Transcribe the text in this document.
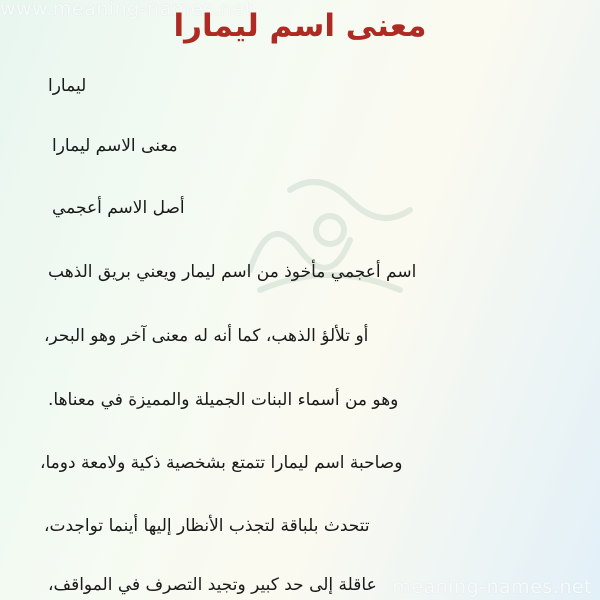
www.meaning-names.net
meaning-names.net
معنى اسم ليمارا
ليمارا
معنى الاسم ليمارا
أصل الاسم أعجمي
اسم أعجمي مأخوذ من اسم ليمار ويعني بريق الذهب
أو تلألؤ الذهب، كما أنه له معنى آخر وهو البحر،
وهو من أسماء البنات الجميلة والمميزة في معناها.
وصاحبة اسم ليمارا تتمتع بشخصية ذكية ولامعة دوما،
تتحدث بلباقة لتجذب الأنظار إليها أينما تواجدت،
عاقلة إلى حد كبير وتجيد التصرف في المواقف،
